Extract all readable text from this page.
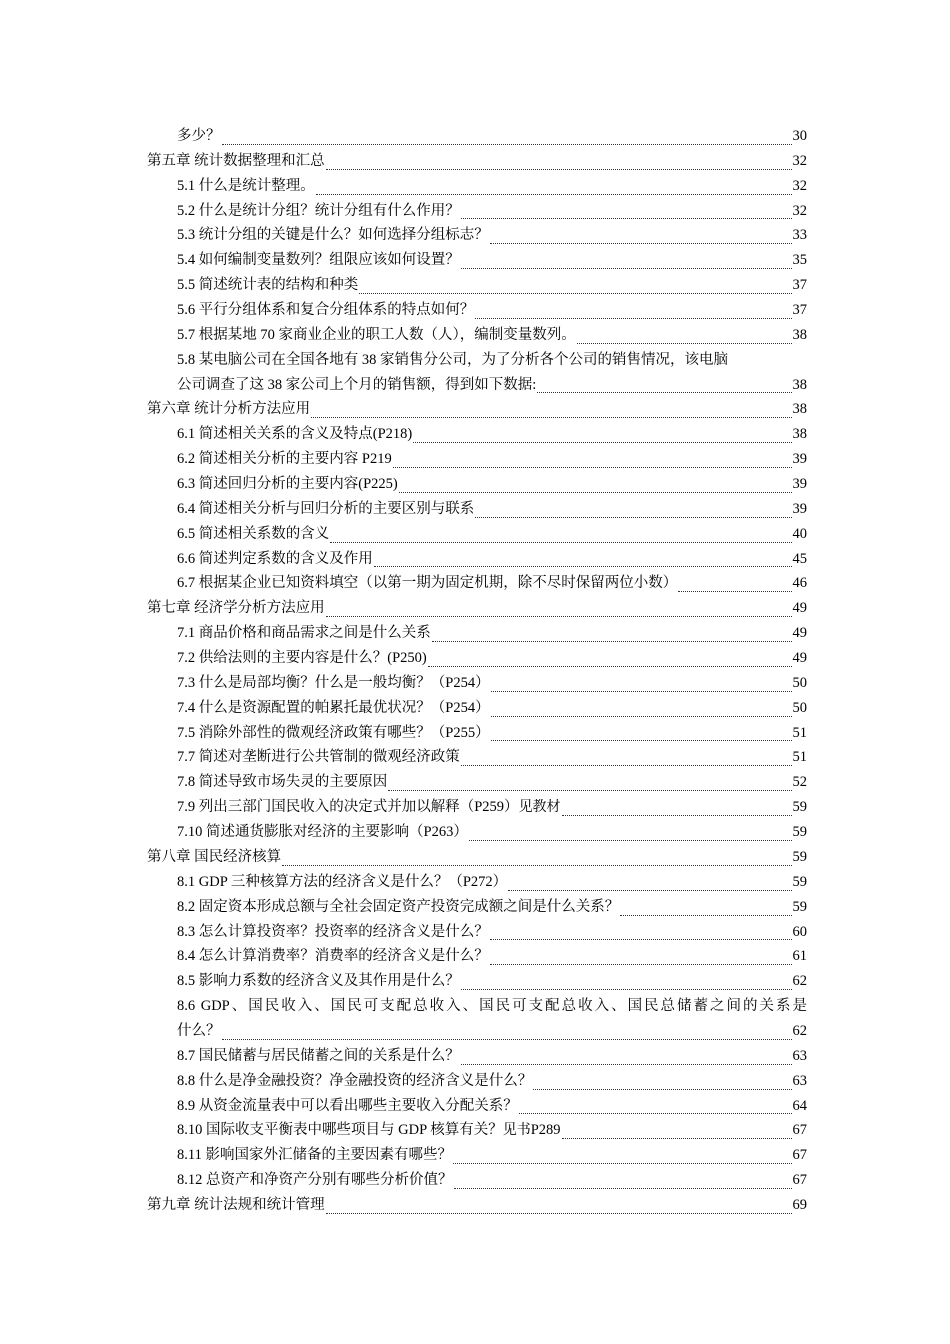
多少？	30
第五章 统计数据整理和汇总	32
5.1 什么是统计整理。	32
5.2 什么是统计分组？统计分组有什么作用？	32
5.3 统计分组的关键是什么？如何选择分组标志？	33
5.4 如何编制变量数列？组限应该如何设置？	35
5.5 简述统计表的结构和种类	37
5.6 平行分组体系和复合分组体系的特点如何？	37
5.7 根据某地 70 家商业企业的职工人数（人），编制变量数列。	38
5.8 某电脑公司在全国各地有 38 家销售分公司，为了分析各个公司的销售情况，该电脑
公司调查了这 38 家公司上个月的销售额，得到如下数据:	38
第六章 统计分析方法应用	38
6.1 简述相关关系的含义及特点(P218)	38
6.2 简述相关分析的主要内容 P219	39
6.3 简述回归分析的主要内容(P225)	39
6.4 简述相关分析与回归分析的主要区别与联系	39
6.5 简述相关系数的含义	40
6.6 简述判定系数的含义及作用	45
6.7 根据某企业已知资料填空（以第一期为固定机期，除不尽时保留两位小数）	46
第七章 经济学分析方法应用	49
7.1 商品价格和商品需求之间是什么关系	49
7.2 供给法则的主要内容是什么？(P250)	49
7.3 什么是局部均衡？什么是一般均衡？（P254）	50
7.4 什么是资源配置的帕累托最优状况？（P254）	50
7.5 消除外部性的微观经济政策有哪些？（P255）	51
7.7 简述对垄断进行公共管制的微观经济政策	51
7.8 简述导致市场失灵的主要原因	52
7.9 列出三部门国民收入的决定式并加以解释（P259） 见教材	59
7.10 简述通货膨胀对经济的主要影响（P263）	59
第八章 国民经济核算	59
8.1 GDP 三种核算方法的经济含义是什么？（P272）	59
8.2 固定资本形成总额与全社会固定资产投资完成额之间是什么关系？	59
8.3 怎么计算投资率？投资率的经济含义是什么？	60
8.4 怎么计算消费率？消费率的经济含义是什么？	61
8.5 影响力系数的经济含义及其作用是什么？	62
8.6 GDP、国民收入、国民可支配总收入、国民可支配总收入、国民总储蓄之间的关系是
什么？	62
8.7 国民储蓄与居民储蓄之间的关系是什么？	63
8.8 什么是净金融投资？净金融投资的经济含义是什么？	63
8.9 从资金流量表中可以看出哪些主要收入分配关系？	64
8.10 国际收支平衡表中哪些项目与 GDP 核算有关？ 见书 P289	67
8.11 影响国家外汇储备的主要因素有哪些？	67
8.12 总资产和净资产分别有哪些分析价值？	67
第九章 统计法规和统计管理	69
